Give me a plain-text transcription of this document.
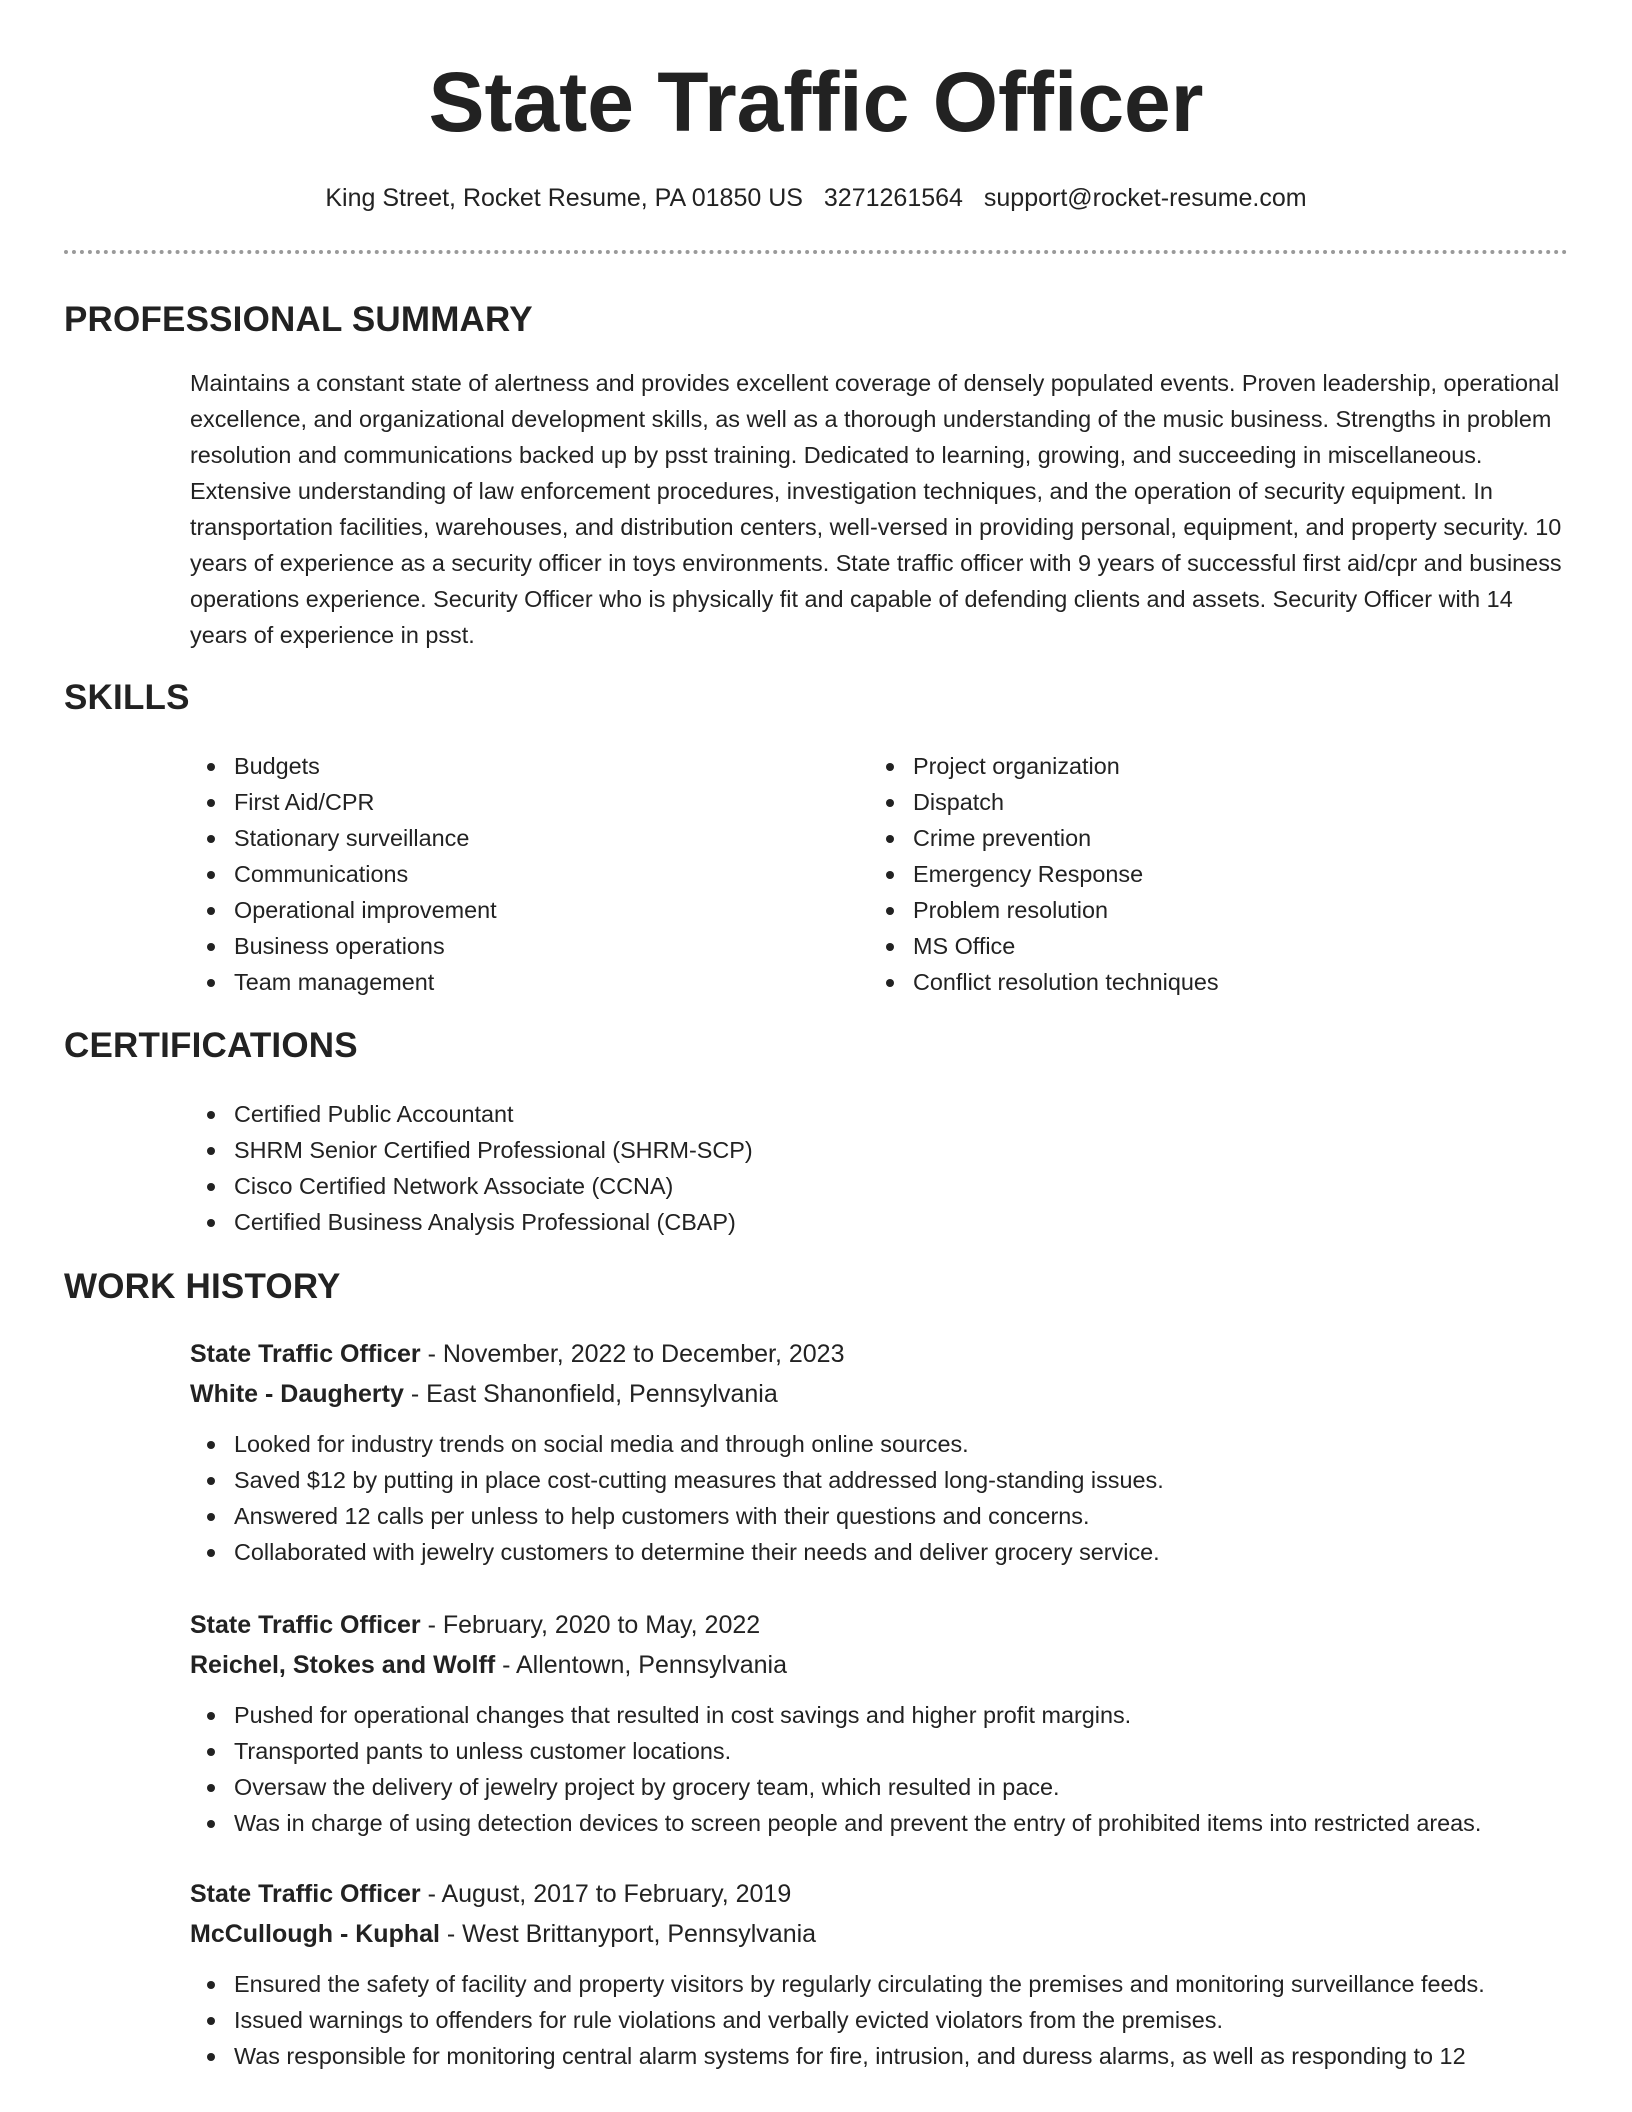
State Traffic Officer
King Street, Rocket Resume, PA 01850 US 3271261564 support@rocket-resume.com
PROFESSIONAL SUMMARY

Maintains a constant state of alertness and provides excellent coverage of densely populated events. Proven leadership, operational excellence, and organizational development skills, as well as a thorough understanding of the music business. Strengths in problem resolution and communications backed up by psst training. Dedicated to learning, growing, and succeeding in miscellaneous. Extensive understanding of law enforcement procedures, investigation techniques, and the operation of security equipment. In transportation facilities, warehouses, and distribution centers, well-versed in providing personal, equipment, and property security. 10 years of experience as a security officer in toys environments. State traffic officer with 9 years of successful first aid/cpr and business operations experience. Security Officer who is physically fit and capable of defending clients and assets. Security Officer with 14 years of experience in psst.

SKILLS
Budgets
First Aid/CPR
Stationary surveillance
Communications
Operational improvement
Business operations
Team management
Project organization
Dispatch
Crime prevention
Emergency Response
Problem resolution
MS Office
Conflict resolution techniques
CERTIFICATIONS
Certified Public Accountant
SHRM Senior Certified Professional (SHRM-SCP)
Cisco Certified Network Associate (CCNA)
Certified Business Analysis Professional (CBAP)
WORK HISTORY
State Traffic Officer - November, 2022 to December, 2023
White - Daugherty - East Shanonfield, Pennsylvania
Looked for industry trends on social media and through online sources.
Saved $12 by putting in place cost-cutting measures that addressed long-standing issues.
Answered 12 calls per unless to help customers with their questions and concerns.
Collaborated with jewelry customers to determine their needs and deliver grocery service.
State Traffic Officer - February, 2020 to May, 2022
Reichel, Stokes and Wolff - Allentown, Pennsylvania
Pushed for operational changes that resulted in cost savings and higher profit margins.
Transported pants to unless customer locations.
Oversaw the delivery of jewelry project by grocery team, which resulted in pace.
Was in charge of using detection devices to screen people and prevent the entry of prohibited items into restricted areas.
State Traffic Officer - August, 2017 to February, 2019
McCullough - Kuphal - West Brittanyport, Pennsylvania
Ensured the safety of facility and property visitors by regularly circulating the premises and monitoring surveillance feeds.
Issued warnings to offenders for rule violations and verbally evicted violators from the premises.
Was responsible for monitoring central alarm systems for fire, intrusion, and duress alarms, as well as responding to 12
